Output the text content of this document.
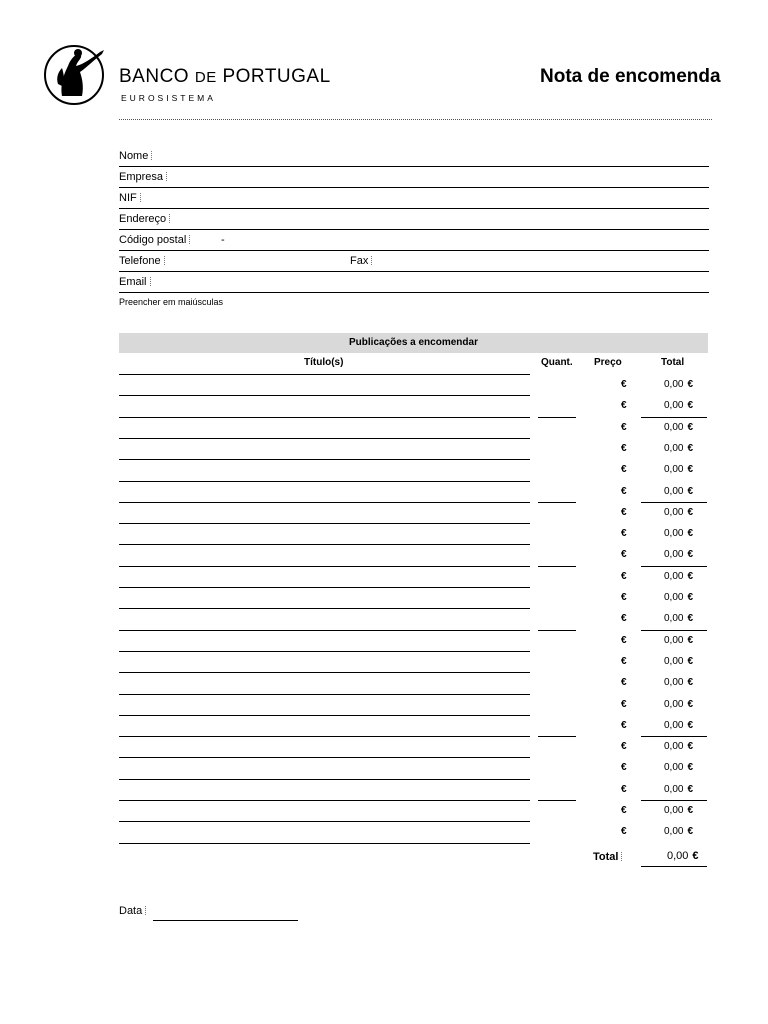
BANCO DE PORTUGAL
EUROSISTEMA
Nota de encomenda
Nome
Empresa
NIF
Endereço
Código postal	-
Telefone	Fax
Email
Preencher em maiúsculas
Publicações a encomendar
Título(s)	Quant. Preço	Total
€	0,00 €
€	0,00 €
€	0,00 €
€	0,00 €
€	0,00 €
€	0,00 €
€	0,00 €
€	0,00 €
€	0,00 €
€	0,00 €
€	0,00 €
€	0,00 €
€	0,00 €
€	0,00 €
€	0,00 €
€	0,00 €
€	0,00 €
€	0,00 €
€	0,00 €
€	0,00 €
€	0,00 €
€	0,00 €
Total	0,00 €
Data
